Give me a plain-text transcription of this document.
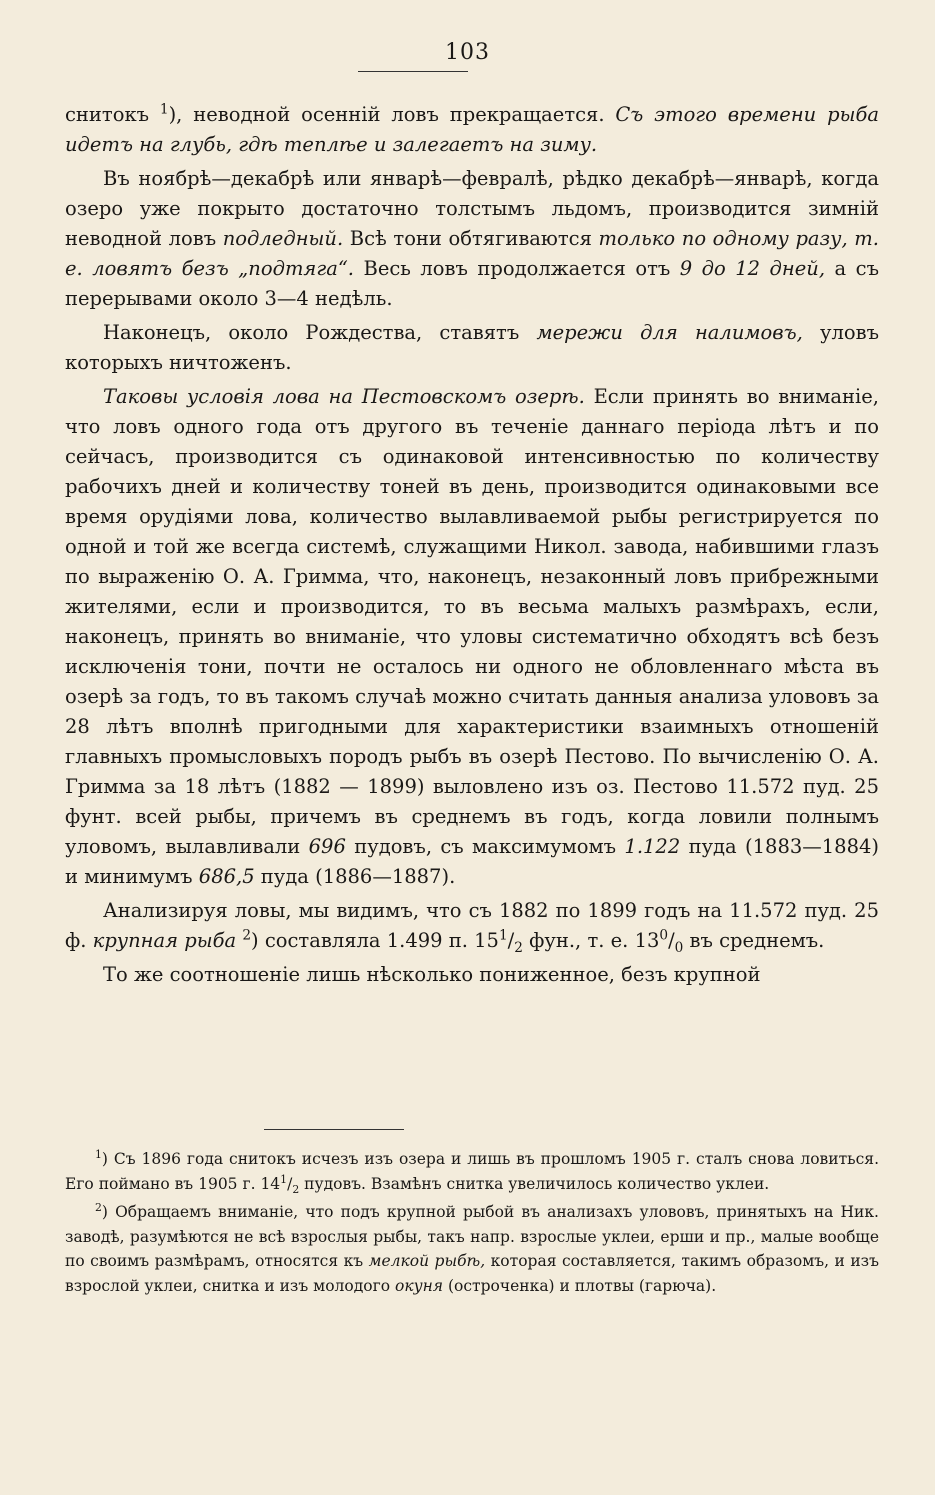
103

снитокъ $^1$), неводной осеннiй ловъ прекращается. Съ этого времени рыба идетъ на глубь, гдѣ теплѣе и залегаетъ на зиму.

Въ ноябрѣ—декабрѣ или январѣ—февралѣ, рѣдко декабрѣ—январѣ, когда озеро уже покрыто достаточно толстымъ льдомъ, производится зимнiй неводной ловъ подледный. Всѣ тони обтягиваются только по одному разу, т. е. ловятъ безъ „подтяга“. Весь ловъ продолжается отъ 9 до 12 дней, а съ перерывами около 3—4 недѣль.

Наконецъ, около Рождества, ставятъ мережи для налимовъ, уловъ которыхъ ничтоженъ.

Таковы условiя лова на Пестовскомъ озерѣ. Если принять во вниманiе, что ловъ одного года отъ другого въ теченiе даннаго перiода лѣтъ и по сейчасъ, производится съ одинаковой интенсивностью по количеству рабочихъ дней и количеству тоней въ день, производится одинаковыми все время орудiями лова, количество вылавливаемой рыбы регистрируется по одной и той же всегда системѣ, служащими Никол. завода, набившими глазъ по выраженiю О. А. Гримма, что, наконецъ, незаконный ловъ прибрежными жителями, если и производится, то въ весьма малыхъ размѣрахъ, если, наконецъ, принять во вниманiе, что уловы систематично обходятъ всѣ безъ исключенiя тони, почти не осталось ни одного не обловленнаго мѣста въ озерѣ за годъ, то въ такомъ случаѣ можно считать данныя анализа улововъ за 28 лѣтъ вполнѣ пригодными для характеристики взаимныхъ отношенiй главныхъ промысловыхъ породъ рыбъ въ озерѣ Пестово. По вычисленiю О. А. Гримма за 18 лѣтъ (1882 — 1899) выловлено изъ оз. Пестово 11.572 пуд. 25 фунт. всей рыбы, причемъ въ среднемъ въ годъ, когда ловили полнымъ уловомъ, вылавливали 696 пудовъ, съ максимумомъ 1.122 пуда (1883—1884) и минимумъ 686,5 пуда (1886—1887).

Анализируя ловы, мы видимъ, что съ 1882 по 1899 годъ на 11.572 пуд. 25 ф. крупная рыба $^2$) составляла 1.499 п. $15^1/_2$ фун., т. е. $13^0/_0$ въ среднемъ.

То же соотношенiе лишь нѣсколько пониженное, безъ крупной

$^1$) Съ 1896 года снитокъ исчезъ изъ озера и лишь въ прошломъ 1905 г. сталъ снова ловиться. Его поймано въ 1905 г. $14^1/_2$ пудовъ. Взамѣнъ снитка увеличилось количество уклеи.

$^2$) Обращаемъ вниманiе, что подъ крупной рыбой въ анализахъ улововъ, принятыхъ на Ник. заводѣ, разумѣются не всѣ взрослыя рыбы, такъ напр. взрослые уклеи, ерши и пр., малые вообще по своимъ размѣрамъ, относятся къ мелкой рыбѣ, которая составляется, такимъ образомъ, и изъ взрослой уклеи, снитка и изъ молодого окуня (остроченка) и плотвы (гарюча).
